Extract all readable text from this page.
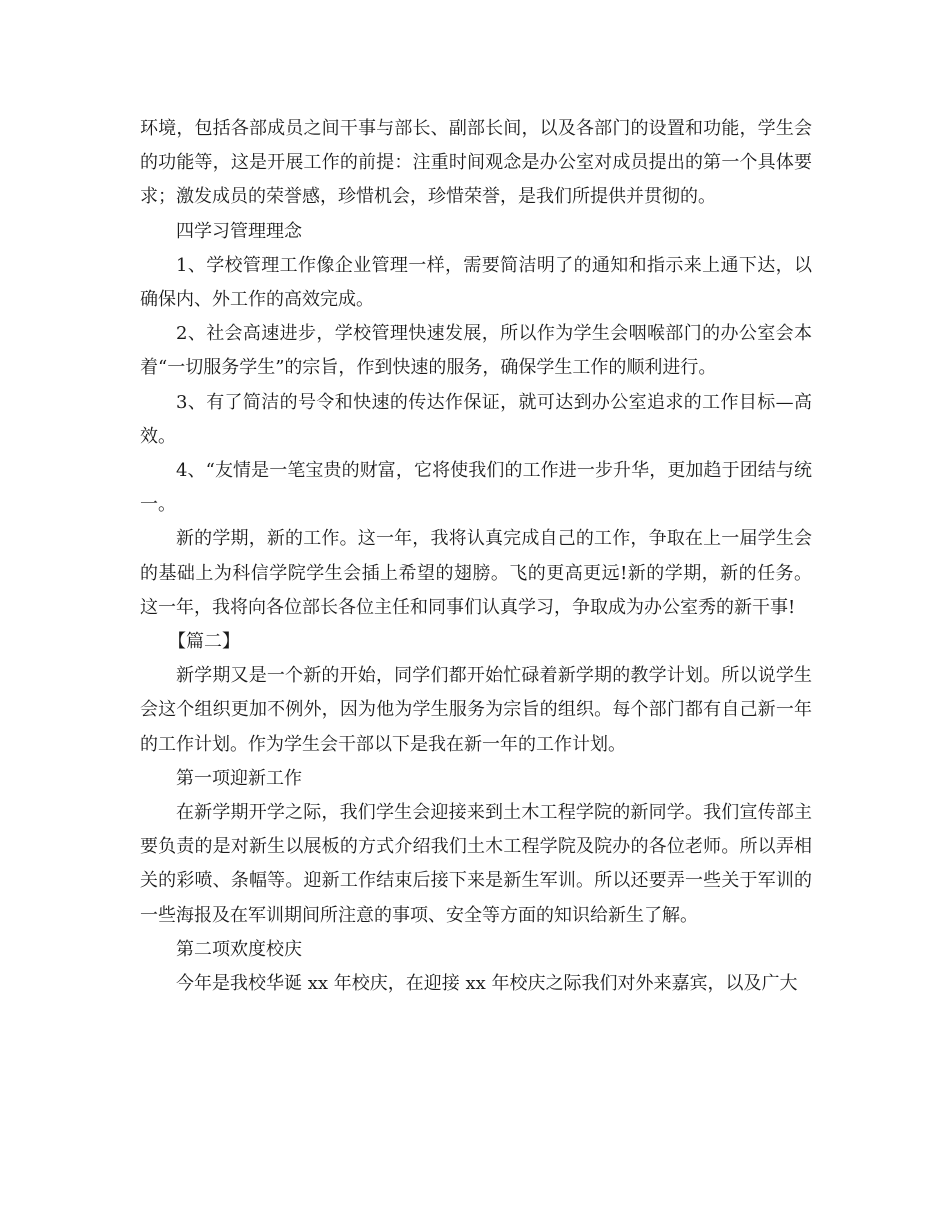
环境，包括各部成员之间干事与部长、副部长间，以及各部门的设置和功能，学生会的功能等，这是开展工作的前提：注重时间观念是办公室对成员提出的第一个具体要求；激发成员的荣誉感，珍惜机会，珍惜荣誉，是我们所提供并贯彻的。

四学习管理理念

1、学校管理工作像企业管理一样，需要简洁明了的通知和指示来上通下达，以确保内、外工作的高效完成。

2、社会高速进步，学校管理快速发展，所以作为学生会咽喉部门的办公室会本着“一切服务学生”的宗旨，作到快速的服务，确保学生工作的顺利进行。

3、有了简洁的号令和快速的传达作保证，就可达到办公室追求的工作目标—高效。

4、“友情是一笔宝贵的财富，它将使我们的工作进一步升华，更加趋于团结与统一。

新的学期，新的工作。这一年，我将认真完成自己的工作，争取在上一届学生会的基础上为科信学院学生会插上希望的翅膀。飞的更高更远!新的学期，新的任务。这一年，我将向各位部长各位主任和同事们认真学习，争取成为办公室秀的新干事!

【篇二】

新学期又是一个新的开始，同学们都开始忙碌着新学期的教学计划。所以说学生会这个组织更加不例外，因为他为学生服务为宗旨的组织。每个部门都有自己新一年的工作计划。作为学生会干部以下是我在新一年的工作计划。

第一项迎新工作

在新学期开学之际，我们学生会迎接来到土木工程学院的新同学。我们宣传部主要负责的是对新生以展板的方式介绍我们土木工程学院及院办的各位老师。所以弄相关的彩喷、条幅等。迎新工作结束后接下来是新生军训。所以还要弄一些关于军训的一些海报及在军训期间所注意的事项、安全等方面的知识给新生了解。

第二项欢度校庆

今年是我校华诞 xx 年校庆，在迎接 xx 年校庆之际我们对外来嘉宾，以及广大
